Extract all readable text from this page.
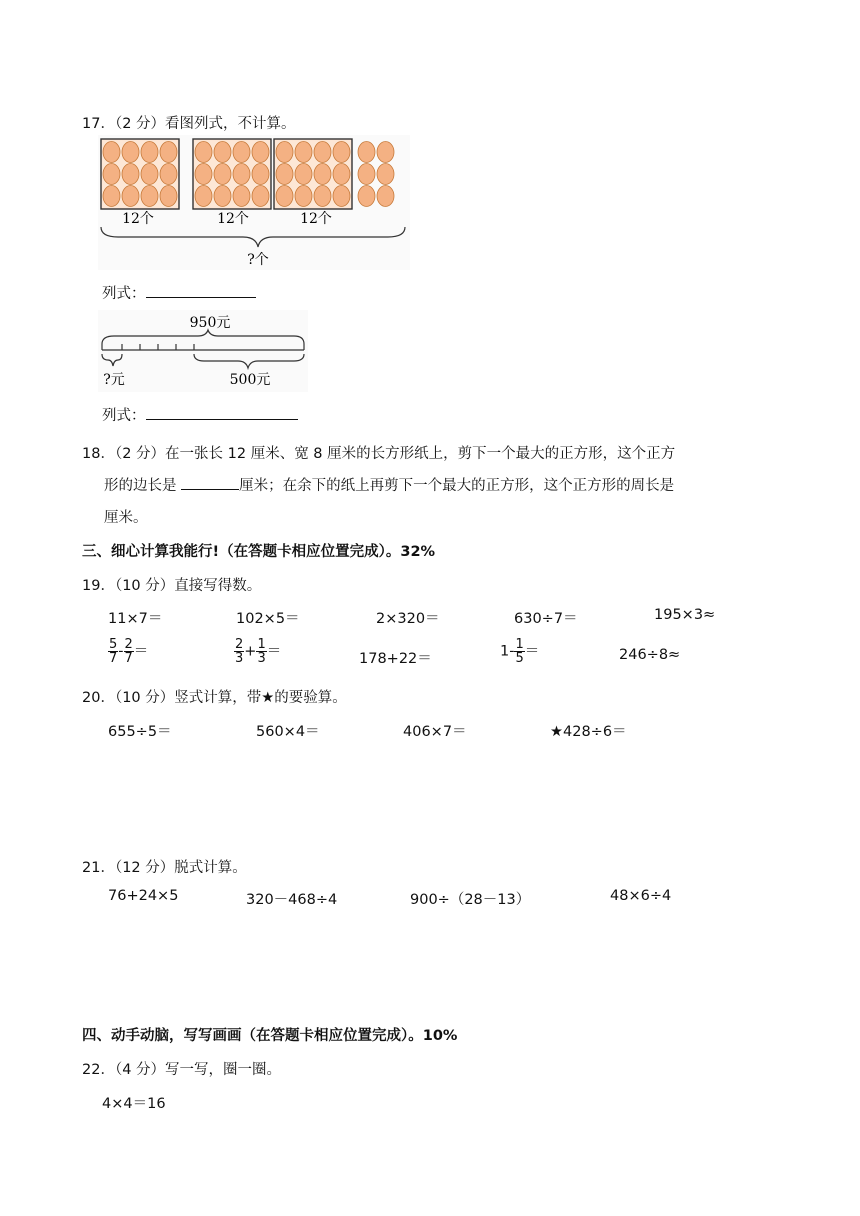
17．（2 分）看图列式，不计算。
12个	12个	12个
?个
列式：
950元
?元	500元
列式：
18．（2 分）在一张长 12 厘米、宽 8 厘米的长方形纸上，剪下一个最大的正方形，这个正方
形的边长是	厘米；在余下的纸上再剪下一个最大的正方形，这个正方形的周长是
厘米。
三、细心计算我能行!（在答题卡相应位置完成）。32%
19．（10 分）直接写得数。
11×7＝	102×5＝	2×320＝	630÷7＝	195×3≈
$\frac{5}{7} - \frac{2}{7}$ ＝	$\frac{2}{3} + \frac{1}{3}$ ＝	178+22＝	$1- \frac{1}{5}$ ＝	246÷8≈
20．（10 分）竖式计算，带★的要验算。
655÷5＝	560×4＝	406×7＝	★428÷6＝
21．（12 分）脱式计算。
76+24×5	320－468÷4	900÷（28－13）	48×6÷4
四、动手动脑，写写画画（在答题卡相应位置完成）。10%
22．（4 分）写一写，圈一圈。
4×4＝16
